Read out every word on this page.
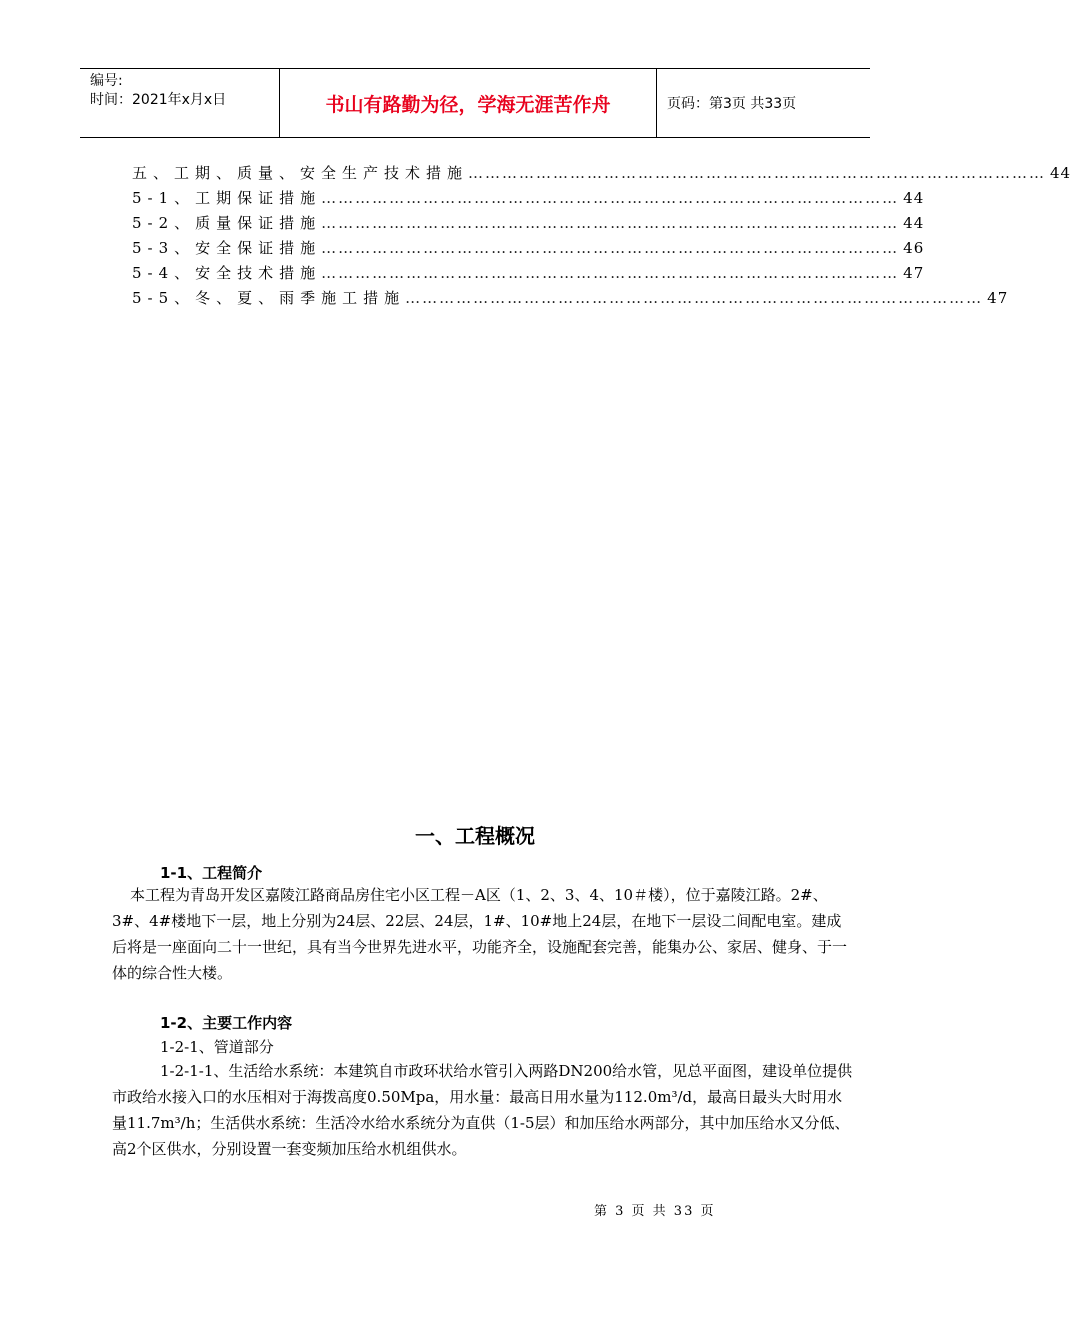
编号:
时间：2021年x月x日	书山有路勤为径，学海无涯苦作舟	页码：第3页 共33页
五、工期、质量、安全生产技术措施 ………………………………………………………………………………………… 44
5-1、工期保证措施 ………………………………………………………………………………………… 44
5-2、质量保证措施 ………………………………………………………………………………………… 44
5-3、安全保证措施 ………………………………………………………………………………………… 46
5-4、安全技术措施 ………………………………………………………………………………………… 47
5-5、冬、夏、雨季施工措施 ………………………………………………………………………………………… 47
一、工程概况
1-1、工程简介
本工程为青岛开发区嘉陵江路商品房住宅小区工程－A区（1、2、3、4、10＃楼），位于嘉陵江路。2#、3#、4#楼地下一层，地上分别为24层、22层、24层，1#、10#地上24层，在地下一层设二间配电室。建成后将是一座面向二十一世纪，具有当今世界先进水平，功能齐全，设施配套完善，能集办公、家居、健身、于一体的综合性大楼。
1-2、主要工作内容
1-2-1、管道部分
1-2-1-1、生活给水系统：本建筑自市政环状给水管引入两路DN200给水管，见总平面图，建设单位提供市政给水接入口的水压相对于海拨高度0.50Mpa，用水量：最高日用水量为112.0m³/d，最高日最头大时用水量11.7m³/h；生活供水系统：生活冷水给水系统分为直供（1-5层）和加压给水两部分，其中加压给水又分低、高2个区供水，分别设置一套变频加压给水机组供水。
第 3 页 共 33 页
